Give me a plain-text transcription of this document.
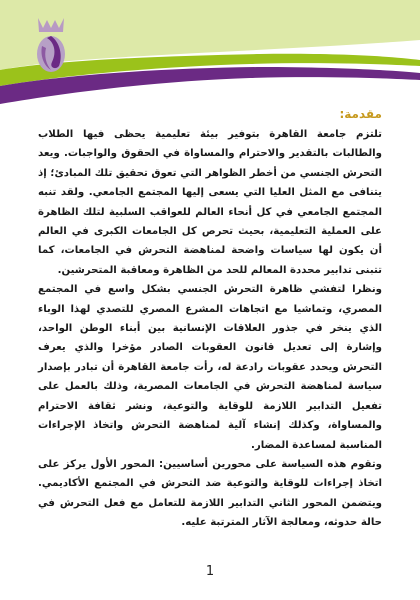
مقدمة:

تلتزم جامعة القاهرة بتوفير بيئة تعليمية يحظى فيها الطلاب والطالبات بالتقدير والاحترام والمساواة في الحقوق والواجبات. ويعد التحرش الجنسي من أخطر الظواهر التي تعوق تحقيق تلك المبادئ؛ إذ يتنافى مع المثل العليا التي يسعى إليها المجتمع الجامعي. ولقد تنبه المجتمع الجامعي في كل أنحاء العالم للعواقب السلبية لتلك الظاهرة على العملية التعليمية، بحيث تحرص كل الجامعات الكبرى في العالم أن يكون لها سياسات واضحة لمناهضة التحرش في الجامعات، كما تتبنى تدابير محددة المعالم للحد من الظاهرة ومعاقبة المتحرشين.

ونظرا لتفشي ظاهرة التحرش الجنسي بشكل واسع في المجتمع المصري، وتماشيا مع اتجاهات المشرع المصري للتصدي لهذا الوباء الذي ينخر في جذور العلاقات الإنسانية بين أبناء الوطن الواحد، وإشارة إلى تعديل قانون العقوبات الصادر مؤخرا والذي يعرف التحرش ويحدد عقوبات رادعة له، رأت جامعة القاهرة أن تبادر بإصدار سياسة لمناهضة التحرش في الجامعات المصرية، وذلك بالعمل على تفعيل التدابير اللازمة للوقاية والتوعية، ونشر ثقافة الاحترام والمساواة، وكذلك إنشاء آلية لمناهضة التحرش واتخاذ الإجراءات المناسبة لمساعدة المضار.

وتقوم هذه السياسة على محورين أساسيين: المحور الأول يركز على اتخاذ إجراءات للوقاية والتوعية ضد التحرش في المجتمع الأكاديمي. ويتضمن المحور الثاني التدابير اللازمة للتعامل مع فعل التحرش في حالة حدوثه، ومعالجة الآثار المترتبة عليه.

1
